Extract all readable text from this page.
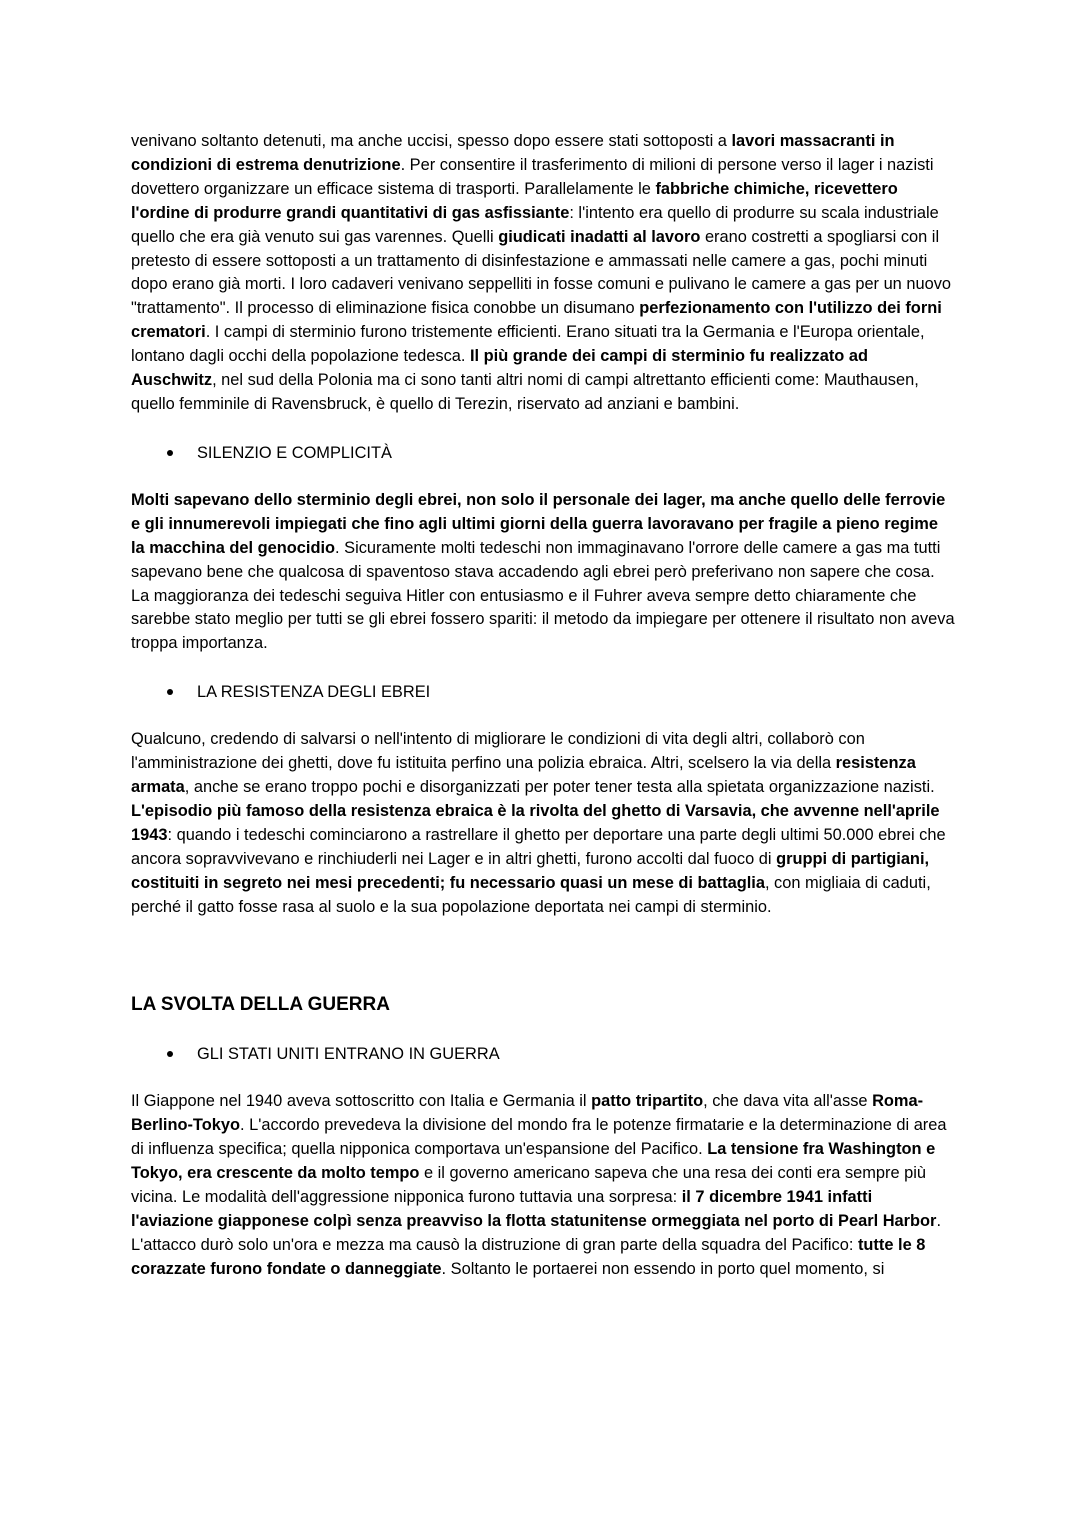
venivano soltanto detenuti, ma anche uccisi, spesso dopo essere stati sottoposti a lavori massacranti in condizioni di estrema denutrizione. Per consentire il trasferimento di milioni di persone verso il lager i nazisti dovettero organizzare un efficace sistema di trasporti. Parallelamente le fabbriche chimiche, ricevettero l'ordine di produrre grandi quantitativi di gas asfissiante: l'intento era quello di produrre su scala industriale quello che era già venuto sui gas varennes. Quelli giudicati inadatti al lavoro erano costretti a spogliarsi con il pretesto di essere sottoposti a un trattamento di disinfestazione e ammassati nelle camere a gas, pochi minuti dopo erano già morti. I loro cadaveri venivano seppelliti in fosse comuni e pulivano le camere a gas per un nuovo "trattamento". Il processo di eliminazione fisica conobbe un disumano perfezionamento con l'utilizzo dei forni crematori. I campi di sterminio furono tristemente efficienti. Erano situati tra la Germania e l'Europa orientale, lontano dagli occhi della popolazione tedesca. Il più grande dei campi di sterminio fu realizzato ad Auschwitz, nel sud della Polonia ma ci sono tanti altri nomi di campi altrettanto efficienti come: Mauthausen, quello femminile di Ravensbruck, è quello di Terezin, riservato ad anziani e bambini.

SILENZIO E COMPLICITÀ

Molti sapevano dello sterminio degli ebrei, non solo il personale dei lager, ma anche quello delle ferrovie e gli innumerevoli impiegati che fino agli ultimi giorni della guerra lavoravano per fragile a pieno regime la macchina del genocidio. Sicuramente molti tedeschi non immaginavano l'orrore delle camere a gas ma tutti sapevano bene che qualcosa di spaventoso stava accadendo agli ebrei però preferivano non sapere che cosa. La maggioranza dei tedeschi seguiva Hitler con entusiasmo e il Fuhrer aveva sempre detto chiaramente che sarebbe stato meglio per tutti se gli ebrei fossero spariti: il metodo da impiegare per ottenere il risultato non aveva troppa importanza.

LA RESISTENZA DEGLI EBREI

Qualcuno, credendo di salvarsi o nell'intento di migliorare le condizioni di vita degli altri, collaborò con l'amministrazione dei ghetti, dove fu istituita perfino una polizia ebraica. Altri, scelsero la via della resistenza armata, anche se erano troppo pochi e disorganizzati per poter tener testa alla spietata organizzazione nazisti. L'episodio più famoso della resistenza ebraica è la rivolta del ghetto di Varsavia, che avvenne nell'aprile 1943: quando i tedeschi cominciarono a rastrellare il ghetto per deportare una parte degli ultimi 50.000 ebrei che ancora sopravvivevano e rinchiuderli nei Lager e in altri ghetti, furono accolti dal fuoco di gruppi di partigiani, costituiti in segreto nei mesi precedenti; fu necessario quasi un mese di battaglia, con migliaia di caduti, perché il gatto fosse rasa al suolo e la sua popolazione deportata nei campi di sterminio.

LA SVOLTA DELLA GUERRA
GLI STATI UNITI ENTRANO IN GUERRA

Il Giappone nel 1940 aveva sottoscritto con Italia e Germania il patto tripartito, che dava vita all'asse Roma-Berlino-Tokyo. L'accordo prevedeva la divisione del mondo fra le potenze firmatarie e la determinazione di area di influenza specifica; quella nipponica comportava un'espansione del Pacifico. La tensione fra Washington e Tokyo, era crescente da molto tempo e il governo americano sapeva che una resa dei conti era sempre più vicina. Le modalità dell'aggressione nipponica furono tuttavia una sorpresa: il 7 dicembre 1941 infatti l'aviazione giapponese colpì senza preavviso la flotta statunitense ormeggiata nel porto di Pearl Harbor. L'attacco durò solo un'ora e mezza ma causò la distruzione di gran parte della squadra del Pacifico: tutte le 8 corazzate furono fondate o danneggiate. Soltanto le portaerei non essendo in porto quel momento, si
